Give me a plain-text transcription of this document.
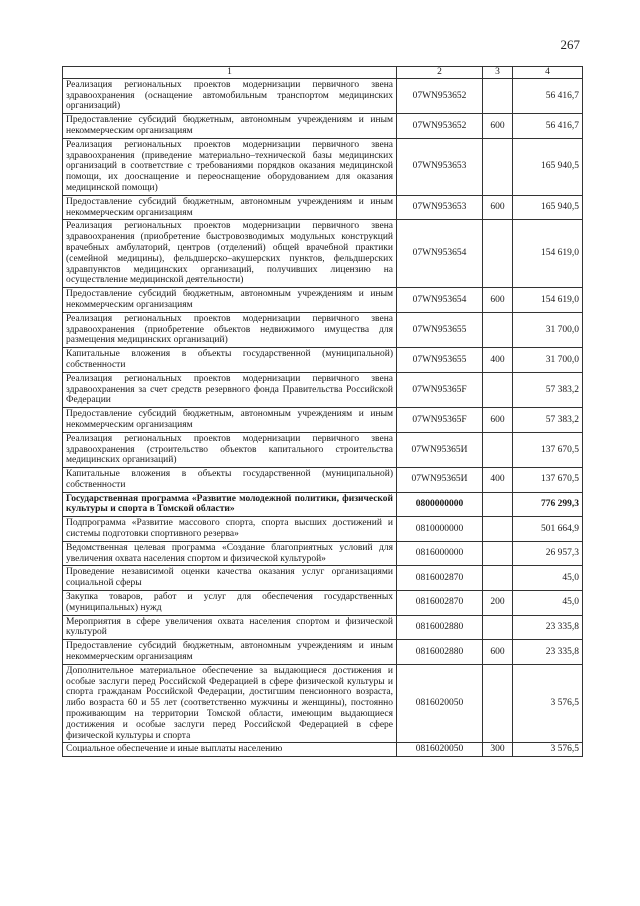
267
1	2	3	4
Реализация региональных проектов модернизации первичного звена здравоохранения (оснащение автомобильным транспортом медицинских организаций)	07WN953652		56 416,7
Предоставление субсидий бюджетным, автономным учреждениям и иным некоммерческим организациям	07WN953652	600	56 416,7
Реализация региональных проектов модернизации первичного звена здравоохранения (приведение материально–технической базы медицинских организаций в соответствие с требованиями порядков оказания медицинской помощи, их дооснащение и переоснащение оборудованием для оказания медицинской помощи)	07WN953653		165 940,5
Предоставление субсидий бюджетным, автономным учреждениям и иным некоммерческим организациям	07WN953653	600	165 940,5
Реализация региональных проектов модернизации первичного звена здравоохранения (приобретение быстровозводимых модульных конструкций врачебных амбулаторий, центров (отделений) общей врачебной практики (семейной медицины), фельдшерско–акушерских пунктов, фельдшерских здравпунктов медицинских организаций, получивших лицензию на осуществление медицинской деятельности)	07WN953654		154 619,0
Предоставление субсидий бюджетным, автономным учреждениям и иным некоммерческим организациям	07WN953654	600	154 619,0
Реализация региональных проектов модернизации первичного звена здравоохранения (приобретение объектов недвижимого имущества для размещения медицинских организаций)	07WN953655		31 700,0
Капитальные вложения в объекты государственной (муниципальной) собственности	07WN953655	400	31 700,0
Реализация региональных проектов модернизации первичного звена здравоохранения за счет средств резервного фонда Правительства Российской Федерации	07WN95365F		57 383,2
Предоставление субсидий бюджетным, автономным учреждениям и иным некоммерческим организациям	07WN95365F	600	57 383,2
Реализация региональных проектов модернизации первичного звена здравоохранения (строительство объектов капитального строительства медицинских организаций)	07WN95365И		137 670,5
Капитальные вложения в объекты государственной (муниципальной) собственности	07WN95365И	400	137 670,5
Государственная программа «Развитие молодежной политики, физической культуры и спорта в Томской области»	0800000000		776 299,3
Подпрограмма «Развитие массового спорта, спорта высших достижений и системы подготовки спортивного резерва»	0810000000		501 664,9
Ведомственная целевая программа «Создание благоприятных условий для увеличения охвата населения спортом и физической культурой»	0816000000		26 957,3
Проведение независимой оценки качества оказания услуг организациями социальной сферы	0816002870		45,0
Закупка товаров, работ и услуг для обеспечения государственных (муниципальных) нужд	0816002870	200	45,0
Мероприятия в сфере увеличения охвата населения спортом и физической культурой	0816002880		23 335,8
Предоставление субсидий бюджетным, автономным учреждениям и иным некоммерческим организациям	0816002880	600	23 335,8
Дополнительное материальное обеспечение за выдающиеся достижения и особые заслуги перед Российской Федерацией в сфере физической культуры и спорта гражданам Российской Федерации, достигшим пенсионного возраста, либо возраста 60 и 55 лет (соответственно мужчины и женщины), постоянно проживающим на территории Томской области, имеющим выдающиеся достижения и особые заслуги перед Российской Федерацией в сфере физической культуры и спорта	0816020050		3 576,5
Социальное обеспечение и иные выплаты населению	0816020050	300	3 576,5
